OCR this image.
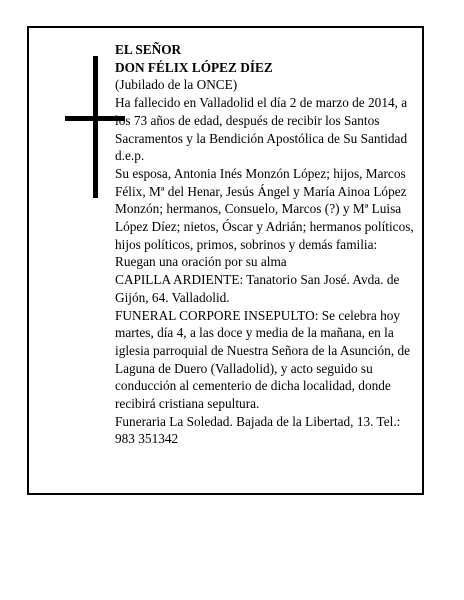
EL SEÑOR

DON FÉLIX LÓPEZ DÍEZ

(Jubilado de la ONCE)

Ha fallecido en Valladolid el día 2 de marzo de 2014, a los 73 años de edad, después de recibir los Santos Sacramentos y la Bendición Apostólica de Su Santidad

d.e.p.

Su esposa, Antonia Inés Monzón López; hijos, Marcos Félix, Mª del Henar, Jesús Ángel y María Ainoa López Monzón; hermanos, Consuelo, Marcos (?) y Mª Luisa López Díez; nietos, Óscar y Adrián; hermanos políticos, hijos políticos, primos, sobrinos y demás familia:

Ruegan una oración por su alma

CAPILLA ARDIENTE: Tanatorio San José. Avda. de Gijón, 64. Valladolid.

FUNERAL CORPORE INSEPULTO: Se celebra hoy martes, día 4, a las doce y media de la mañana, en la iglesia parroquial de Nuestra Señora de la Asunción, de Laguna de Duero (Valladolid), y acto seguido su conducción al cementerio de dicha localidad, donde recibirá cristiana sepultura.

Funeraria La Soledad. Bajada de la Libertad, 13. Tel.: 983 351342
